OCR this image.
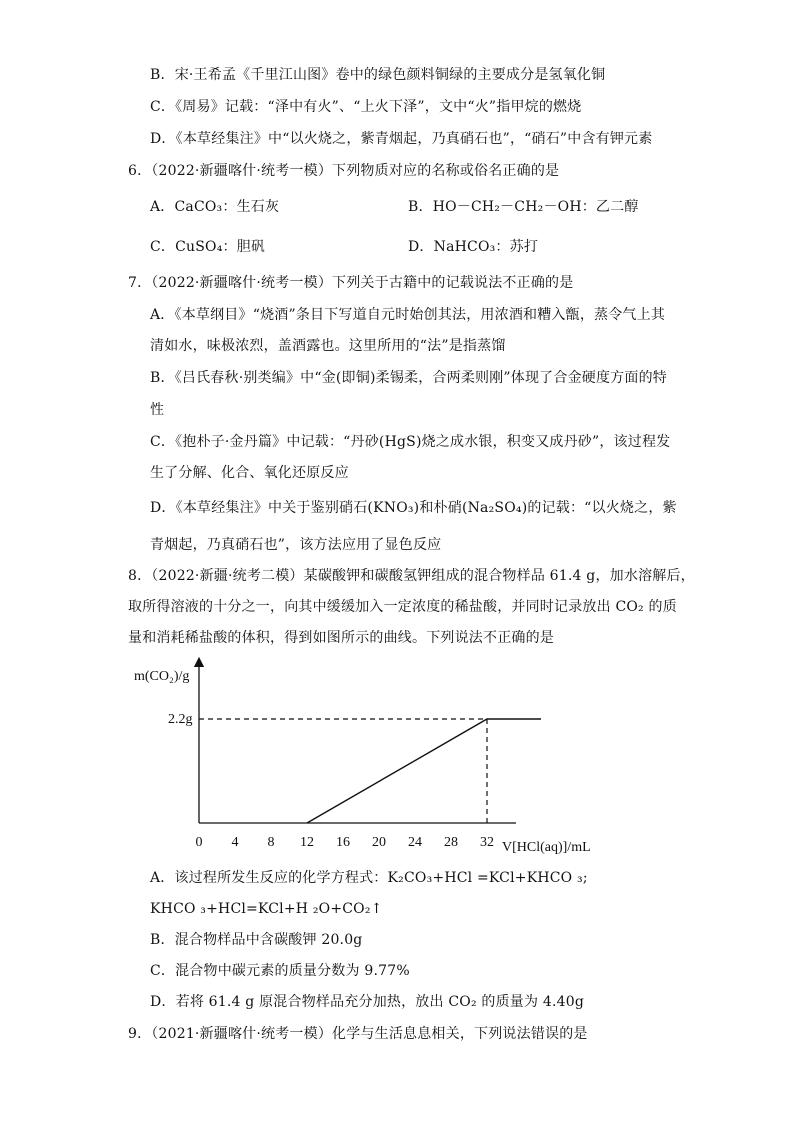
B．宋·王希孟《千里江山图》卷中的绿色颜料铜绿的主要成分是氢氧化铜
C．《周易》记载：“泽中有火”、“上火下泽”，文中“火”指甲烷的燃烧
D．《本草经集注》中“以火烧之，紫青烟起，乃真硝石也”，“硝石”中含有钾元素
6．（2022·新疆喀什·统考一模）下列物质对应的名称或俗名正确的是
A．CaCO₃：生石灰	B．HO－CH₂－CH₂－OH：乙二醇
C．CuSO₄：胆矾	D．NaHCO₃：苏打
7．（2022·新疆喀什·统考一模）下列关于古籍中的记载说法不正确的是
A．《本草纲目》“烧酒”条目下写道自元时始创其法，用浓酒和糟入甑，蒸令气上其
清如水，味极浓烈，盖酒露也。这里所用的“法”是指蒸馏
B．《吕氏春秋·别类编》中“金(即铜)柔锡柔，合两柔则刚”体现了合金硬度方面的特
性
C．《抱朴子·金丹篇》中记载：“丹砂(HgS)烧之成水银，积变又成丹砂”，该过程发
生了分解、化合、氧化还原反应
D．《本草经集注》中关于鉴别硝石(KNO₃)和朴硝(Na₂SO₄)的记载：“以火烧之，紫
青烟起，乃真硝石也”，该方法应用了显色反应
8．（2022·新疆·统考二模）某碳酸钾和碳酸氢钾组成的混合物样品 61.4 g，加水溶解后，
取所得溶液的十分之一，向其中缓缓加入一定浓度的稀盐酸，并同时记录放出 CO₂ 的质
量和消耗稀盐酸的体积，得到如图所示的曲线。下列说法不正确的是
m(CO₂)/g
V[HCl(aq)]/mL
2.2g
0 4 8 12 16 20 24 28 32
A．该过程所发生反应的化学方程式：K₂CO₃+HCl =KCl+KHCO ₃;
KHCO ₃+HCl=KCl+H ₂O+CO₂↑
B．混合物样品中含碳酸钾 20.0g
C．混合物中碳元素的质量分数为 9.77%
D．若将 61.4 g 原混合物样品充分加热，放出 CO₂ 的质量为 4.40g
9．（2021·新疆喀什·统考一模）化学与生活息息相关，下列说法错误的是
